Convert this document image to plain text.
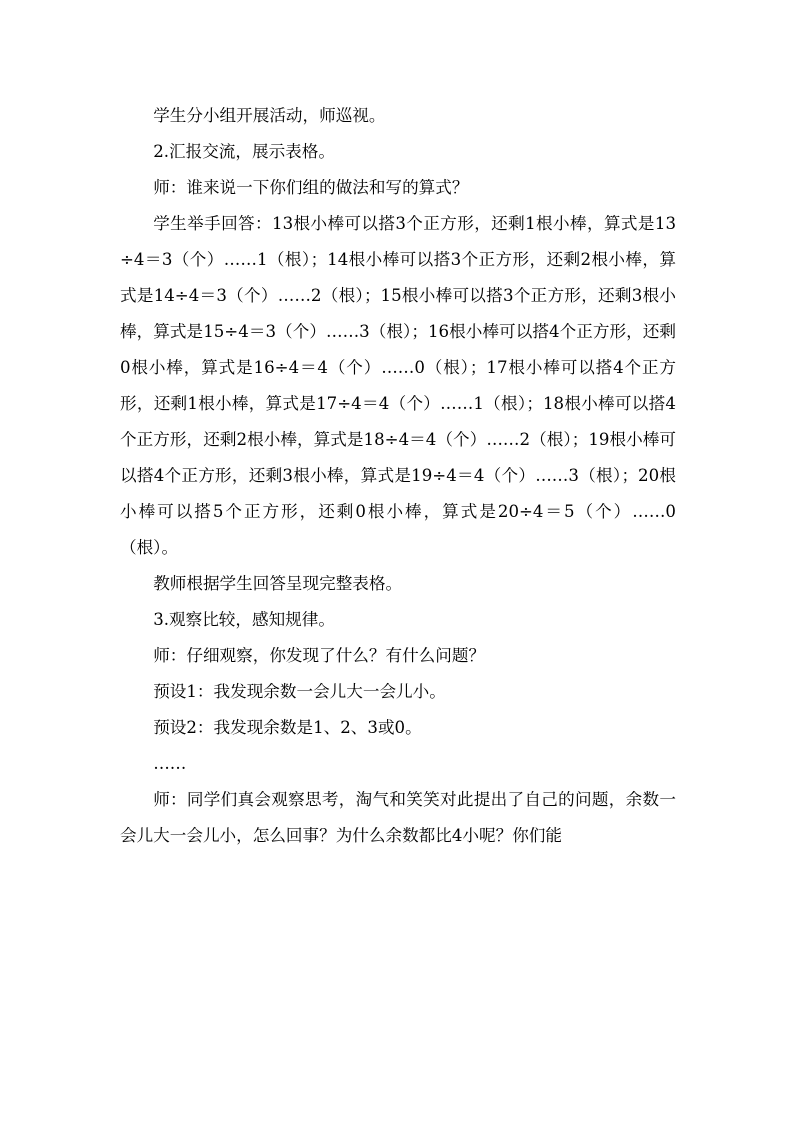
学生分小组开展活动，师巡视。

2.汇报交流，展示表格。

师：谁来说一下你们组的做法和写的算式？

学生举手回答：13根小棒可以搭3个正方形，还剩1根小棒，算式是13÷4＝3（个）……1（根）；14根小棒可以搭3个正方形，还剩2根小棒，算式是14÷4＝3（个）……2（根）；15根小棒可以搭3个正方形，还剩3根小棒，算式是15÷4＝3（个）……3（根）；16根小棒可以搭4个正方形，还剩0根小棒，算式是16÷4＝4（个）……0（根）；17根小棒可以搭4个正方形，还剩1根小棒，算式是17÷4＝4（个）……1（根）；18根小棒可以搭4个正方形，还剩2根小棒，算式是18÷4＝4（个）……2（根）；19根小棒可以搭4个正方形，还剩3根小棒，算式是19÷4＝4（个）……3（根）；20根小棒可以搭5个正方形，还剩0根小棒，算式是20÷4＝5（个）……0（根）。

教师根据学生回答呈现完整表格。

3.观察比较，感知规律。

师：仔细观察，你发现了什么？有什么问题？

预设1：我发现余数一会儿大一会儿小。

预设2：我发现余数是1、2、3或0。

……

师：同学们真会观察思考，淘气和笑笑对此提出了自己的问题，余数一会儿大一会儿小，怎么回事？为什么余数都比4小呢？你们能
